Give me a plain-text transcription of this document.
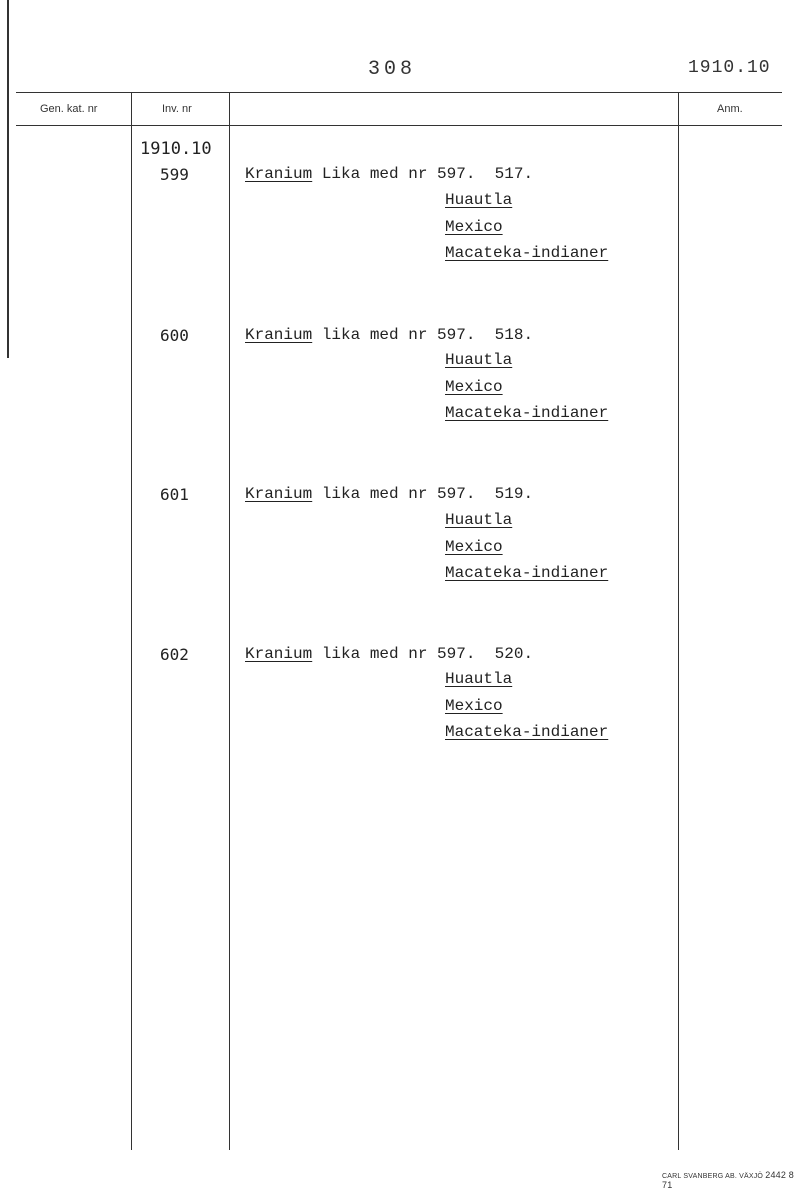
308	1910.10
Gen. kat. nr	Inv. nr	Anm.
1910.10
599	Kranium Lika med nr 597.  517.
Huautla
Mexico
Macateka-indianer
600	Kranium lika med nr 597.  518.
Huautla
Mexico
Macateka-indianer
601	Kranium lika med nr 597.  519.
Huautla
Mexico
Macateka-indianer
602	Kranium lika med nr 597.  520.
Huautla
Mexico
Macateka-indianer
CARL SVANBERG AB. VÄXJÖ 2442 8 71
